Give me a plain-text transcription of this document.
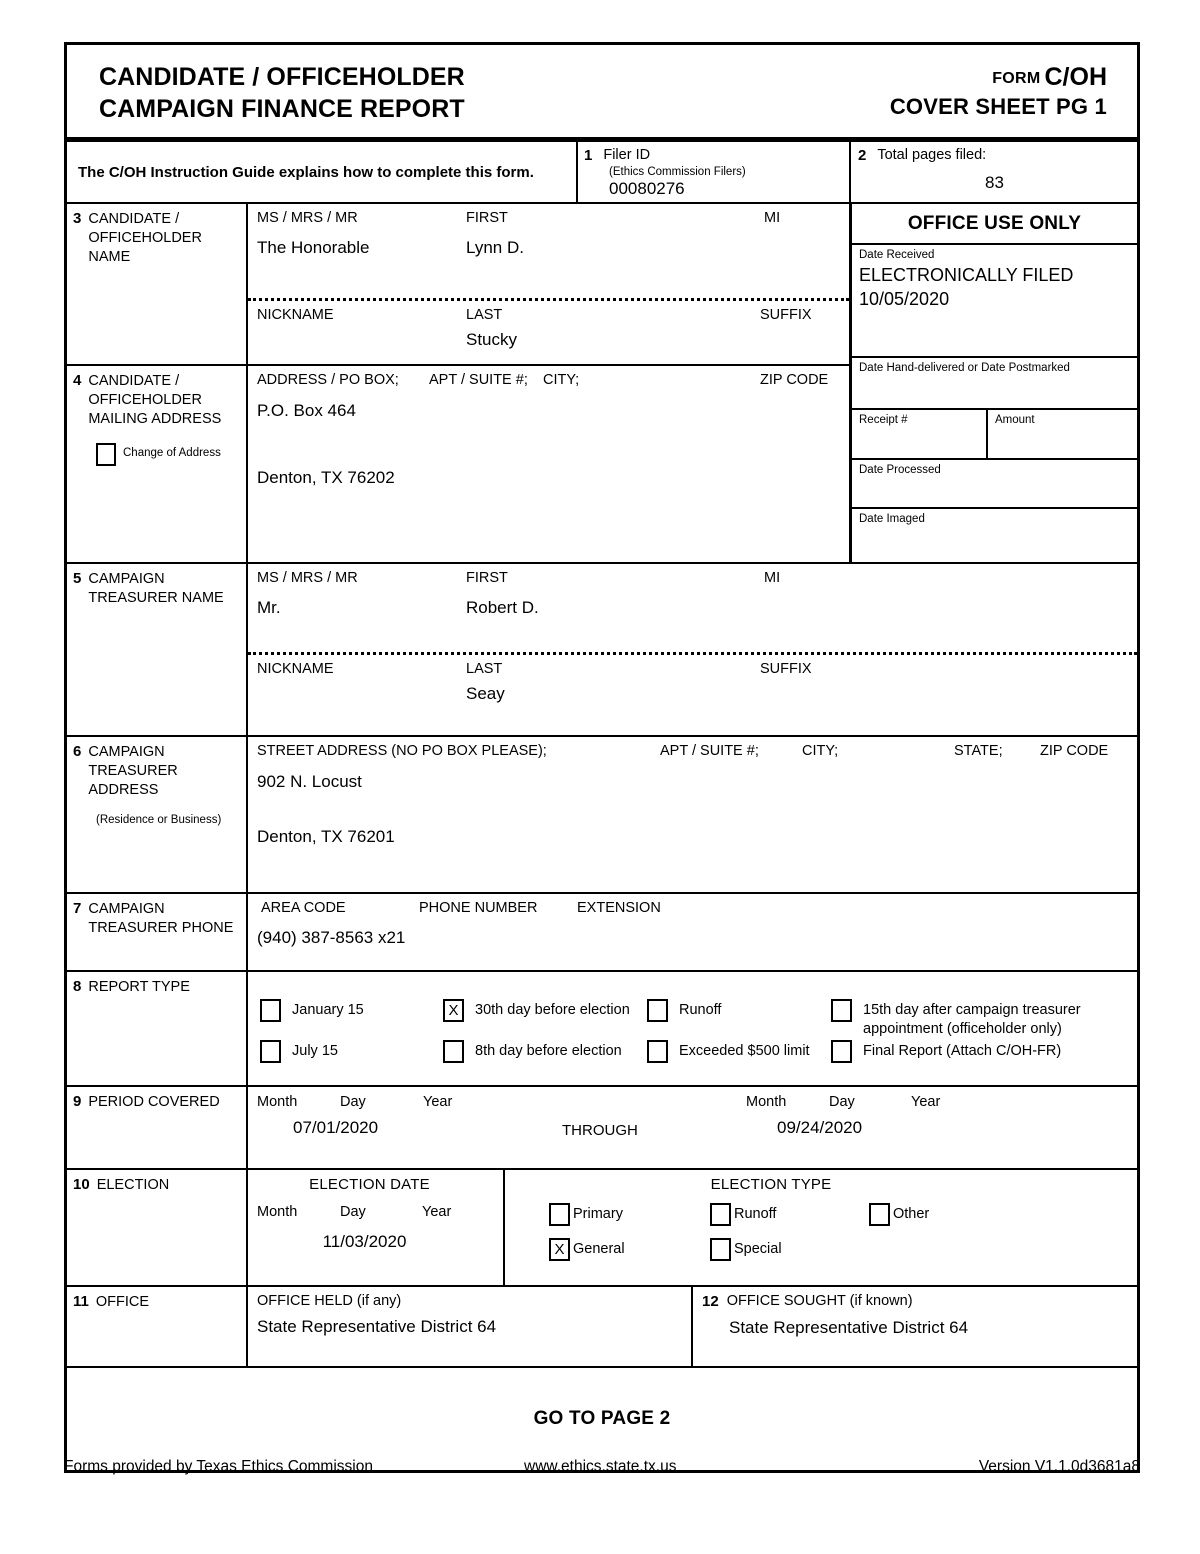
CANDIDATE / OFFICEHOLDER
CAMPAIGN FINANCE REPORT
FORM C/OH
COVER SHEET PG 1
The C/OH Instruction Guide explains how to complete this form.
1 Filer ID
(Ethics Commission Filers)
00080276
2 Total pages filed:
83
3 CANDIDATE / OFFICEHOLDER NAME
MS / MRS / MR	FIRST	MI
The Honorable	Lynn D.
NICKNAME	LAST	SUFFIX
Stucky
4 CANDIDATE / OFFICEHOLDER MAILING ADDRESS
Change of Address
ADDRESS / PO BOX; APT / SUITE #; CITY;	ZIP CODE
P.O. Box 464
Denton, TX 76202
OFFICE USE ONLY
Date Received
ELECTRONICALLY FILED
10/05/2020
Date Hand-delivered or Date Postmarked
Receipt #	Amount
Date Processed
Date Imaged
5 CAMPAIGN TREASURER NAME
MS / MRS / MR	FIRST	MI
Mr.	Robert D.
NICKNAME	LAST	SUFFIX
Seay
6 CAMPAIGN TREASURER ADDRESS
(Residence or Business)
STREET ADDRESS (NO PO BOX PLEASE);	APT / SUITE #;	CITY;	STATE;	ZIP CODE
902 N. Locust
Denton, TX 76201
7 CAMPAIGN TREASURER PHONE
AREA CODE	PHONE NUMBER	EXTENSION
(940) 387-8563 x21
8 REPORT TYPE
January 15	X	30th day before election	Runoff	15th day after campaign treasurer appointment (officeholder only)
July 15	8th day before election	Exceeded $500 limit	Final Report (Attach C/OH-FR)
9 PERIOD COVERED	Month	Day	Year	Month	Day	Year
07/01/2020	THROUGH	09/24/2020
10 ELECTION	ELECTION DATE
Month	Day	Year
11/03/2020
ELECTION TYPE
Primary	Runoff	Other
X General	Special
11 OFFICE	OFFICE HELD (if any)
State Representative District 64
12 OFFICE SOUGHT (if known)
State Representative District 64
GO TO PAGE 2
Forms provided by Texas Ethics Commission	www.ethics.state.tx.us	Version V1.1.0d3681a8
